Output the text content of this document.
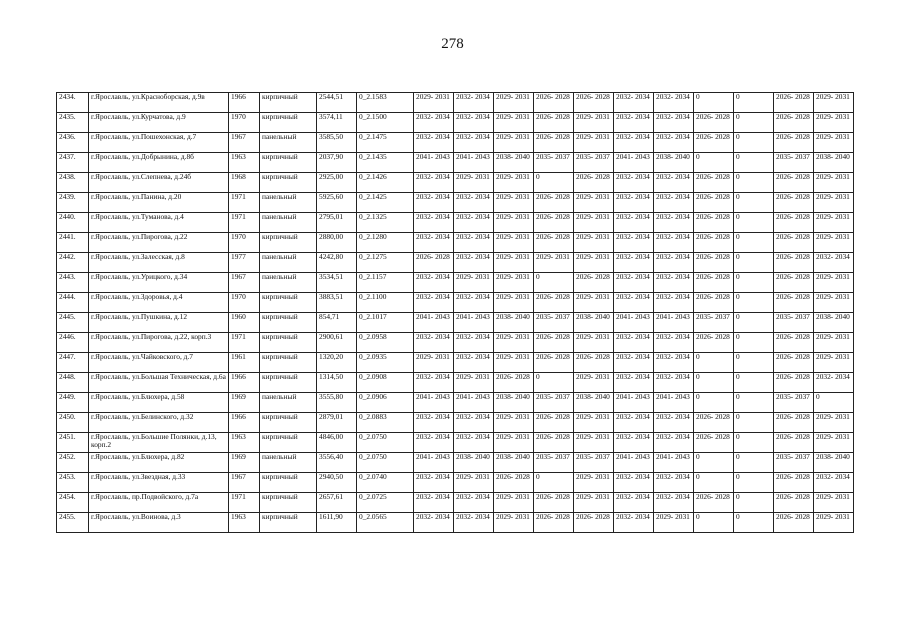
278
2434.	г.Ярославль, ул.Красноборская, д.9в	1966	кирпичный	2544,51	0_2.1583	2029- 2031	2032- 2034	2029- 2031	2026- 2028	2026- 2028	2032- 2034	2032- 2034	0	0	2026- 2028	2029- 2031
2435.	г.Ярославль, ул.Курчатова, д.9	1970	кирпичный	3574,11	0_2.1500	2032- 2034	2032- 2034	2029- 2031	2026- 2028	2029- 2031	2032- 2034	2032- 2034	2026- 2028	0	2026- 2028	2029- 2031
2436.	г.Ярославль, ул.Пошехонская, д.7	1967	панельный	3585,50	0_2.1475	2032- 2034	2032- 2034	2029- 2031	2026- 2028	2029- 2031	2032- 2034	2032- 2034	2026- 2028	0	2026- 2028	2029- 2031
2437.	г.Ярославль, ул.Добрынина, д.8б	1963	кирпичный	2037,90	0_2.1435	2041- 2043	2041- 2043	2038- 2040	2035- 2037	2035- 2037	2041- 2043	2038- 2040	0	0	2035- 2037	2038- 2040
2438.	г.Ярославль, ул.Слепнева, д.24б	1968	кирпичный	2925,00	0_2.1426	2032- 2034	2029- 2031	2029- 2031	0	2026- 2028	2032- 2034	2032- 2034	2026- 2028	0	2026- 2028	2029- 2031
2439.	г.Ярославль, ул.Панина, д.20	1971	панельный	5925,60	0_2.1425	2032- 2034	2032- 2034	2029- 2031	2026- 2028	2029- 2031	2032- 2034	2032- 2034	2026- 2028	0	2026- 2028	2029- 2031
2440.	г.Ярославль, ул.Туманова, д.4	1971	панельный	2795,01	0_2.1325	2032- 2034	2032- 2034	2029- 2031	2026- 2028	2029- 2031	2032- 2034	2032- 2034	2026- 2028	0	2026- 2028	2029- 2031
2441.	г.Ярославль, ул.Пирогова, д.22	1970	кирпичный	2880,00	0_2.1280	2032- 2034	2032- 2034	2029- 2031	2026- 2028	2029- 2031	2032- 2034	2032- 2034	2026- 2028	0	2026- 2028	2029- 2031
2442.	г.Ярославль, ул.Залесская, д.8	1977	панельный	4242,80	0_2.1275	2026- 2028	2032- 2034	2029- 2031	2029- 2031	2029- 2031	2032- 2034	2032- 2034	2026- 2028	0	2026- 2028	2032- 2034
2443.	г.Ярославль, ул.Урицкого, д.34	1967	панельный	3534,51	0_2.1157	2032- 2034	2029- 2031	2029- 2031	0	2026- 2028	2032- 2034	2032- 2034	2026- 2028	0	2026- 2028	2029- 2031
2444.	г.Ярославль, ул.Здоровья, д.4	1970	кирпичный	3883,51	0_2.1100	2032- 2034	2032- 2034	2029- 2031	2026- 2028	2029- 2031	2032- 2034	2032- 2034	2026- 2028	0	2026- 2028	2029- 2031
2445.	г.Ярославль, ул.Пушкина, д.12	1960	кирпичный	854,71	0_2.1017	2041- 2043	2041- 2043	2038- 2040	2035- 2037	2038- 2040	2041- 2043	2041- 2043	2035- 2037	0	2035- 2037	2038- 2040
2446.	г.Ярославль, ул.Пирогова, д.22, корп.3	1971	кирпичный	2900,61	0_2.0958	2032- 2034	2032- 2034	2029- 2031	2026- 2028	2029- 2031	2032- 2034	2032- 2034	2026- 2028	0	2026- 2028	2029- 2031
2447.	г.Ярославль, ул.Чайковского, д.7	1961	кирпичный	1320,20	0_2.0935	2029- 2031	2032- 2034	2029- 2031	2026- 2028	2026- 2028	2032- 2034	2032- 2034	0	0	2026- 2028	2029- 2031
2448.	г.Ярославль, ул.Большая Техническая, д.6а	1966	кирпичный	1314,50	0_2.0908	2032- 2034	2029- 2031	2026- 2028	0	2029- 2031	2032- 2034	2032- 2034	0	0	2026- 2028	2032- 2034
2449.	г.Ярославль, ул.Блюхера, д.58	1969	панельный	3555,80	0_2.0906	2041- 2043	2041- 2043	2038- 2040	2035- 2037	2038- 2040	2041- 2043	2041- 2043	0	0	2035- 2037	0
2450.	г.Ярославль, ул.Белинского, д.32	1966	кирпичный	2879,01	0_2.0883	2032- 2034	2032- 2034	2029- 2031	2026- 2028	2029- 2031	2032- 2034	2032- 2034	2026- 2028	0	2026- 2028	2029- 2031
2451.	г.Ярославль, ул.Большие Полянки, д.13, корп.2	1963	кирпичный	4846,00	0_2.0750	2032- 2034	2032- 2034	2029- 2031	2026- 2028	2029- 2031	2032- 2034	2032- 2034	2026- 2028	0	2026- 2028	2029- 2031
2452.	г.Ярославль, ул.Блюхера, д.82	1969	панельный	3556,40	0_2.0750	2041- 2043	2038- 2040	2038- 2040	2035- 2037	2035- 2037	2041- 2043	2041- 2043	0	0	2035- 2037	2038- 2040
2453.	г.Ярославль, ул.Звездная, д.33	1967	кирпичный	2940,50	0_2.0740	2032- 2034	2029- 2031	2026- 2028	0	2029- 2031	2032- 2034	2032- 2034	0	0	2026- 2028	2032- 2034
2454.	г.Ярославль, пр.Подвойского, д.7а	1971	кирпичный	2657,61	0_2.0725	2032- 2034	2032- 2034	2029- 2031	2026- 2028	2029- 2031	2032- 2034	2032- 2034	2026- 2028	0	2026- 2028	2029- 2031
2455.	г.Ярославль, ул.Воинова, д.3	1963	кирпичный	1611,90	0_2.0565	2032- 2034	2032- 2034	2029- 2031	2026- 2028	2026- 2028	2032- 2034	2029- 2031	0	0	2026- 2028	2029- 2031
